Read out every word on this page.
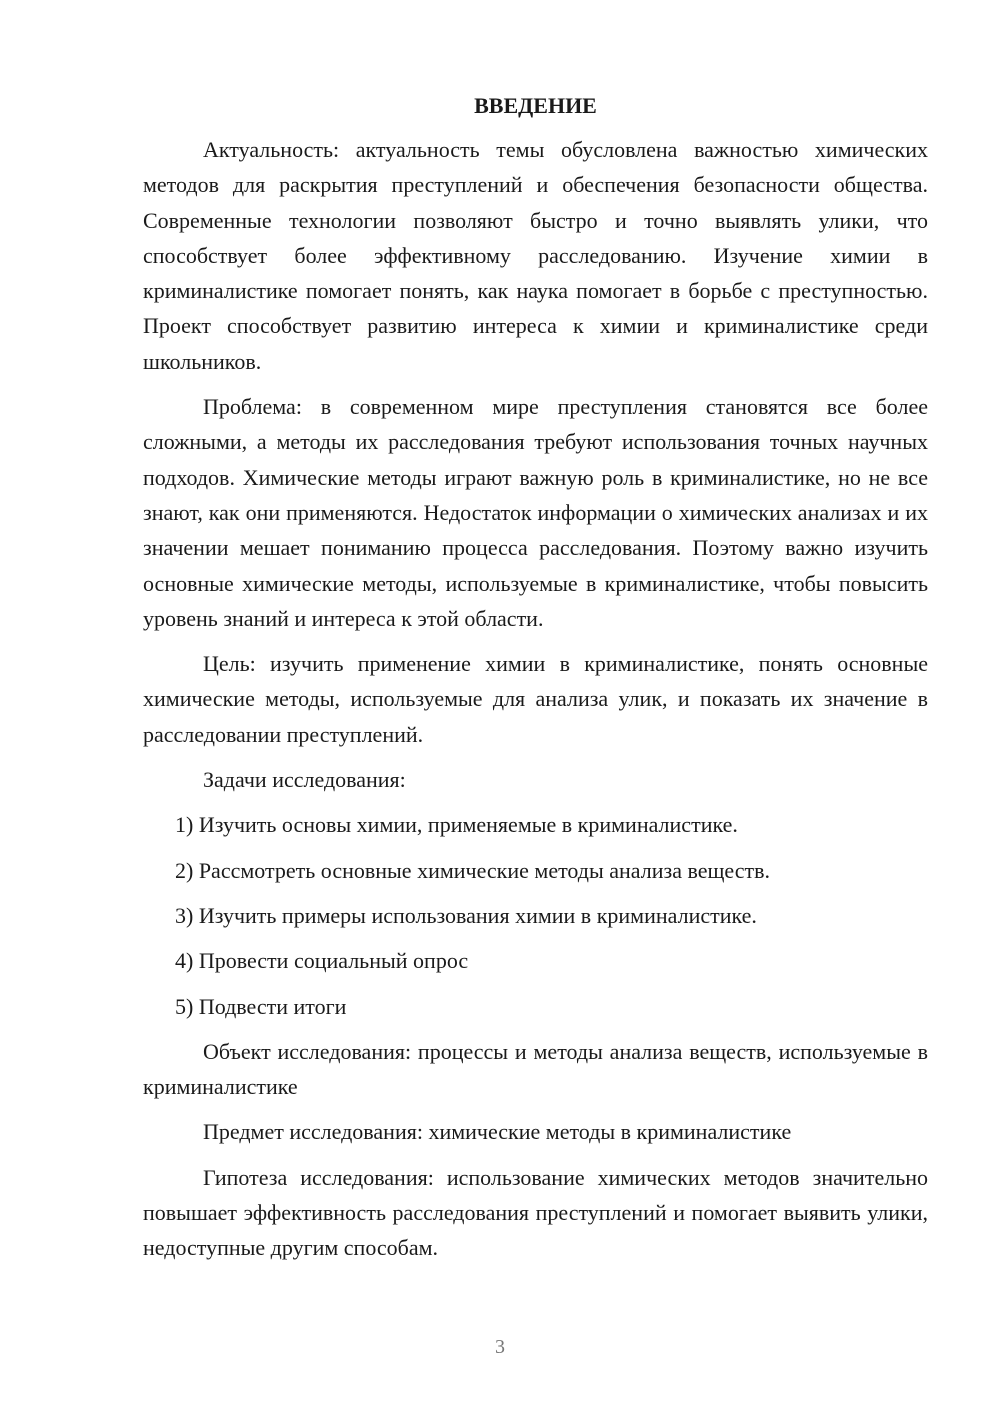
ВВЕДЕНИЕ

Актуальность: актуальность темы обусловлена важностью химических методов для раскрытия преступлений и обеспечения безопасности общества. Современные технологии позволяют быстро и точно выявлять улики, что способствует более эффективному расследованию. Изучение химии в криминалистике помогает понять, как наука помогает в борьбе с преступностью. Проект способствует развитию интереса к химии и криминалистике среди школьников.

Проблема: в современном мире преступления становятся все более сложными, а методы их расследования требуют использования точных научных подходов. Химические методы играют важную роль в криминалистике, но не все знают, как они применяются. Недостаток информации о химических анализах и их значении мешает пониманию процесса расследования. Поэтому важно изучить основные химические методы, используемые в криминалистике, чтобы повысить уровень знаний и интереса к этой области.

Цель: изучить применение химии в криминалистике, понять основные химические методы, используемые для анализа улик, и показать их значение в расследовании преступлений.

Задачи исследования:

1) Изучить основы химии, применяемые в криминалистике.
2) Рассмотреть основные химические методы анализа веществ.
3) Изучить примеры использования химии в криминалистике.
4) Провести социальный опрос
5) Подвести итоги

Объект исследования: процессы и методы анализа веществ, используемые в криминалистике

Предмет исследования: химические методы в криминалистике

Гипотеза исследования: использование химических методов значительно повышает эффективность расследования преступлений и помогает выявить улики, недоступные другим способам.

3
